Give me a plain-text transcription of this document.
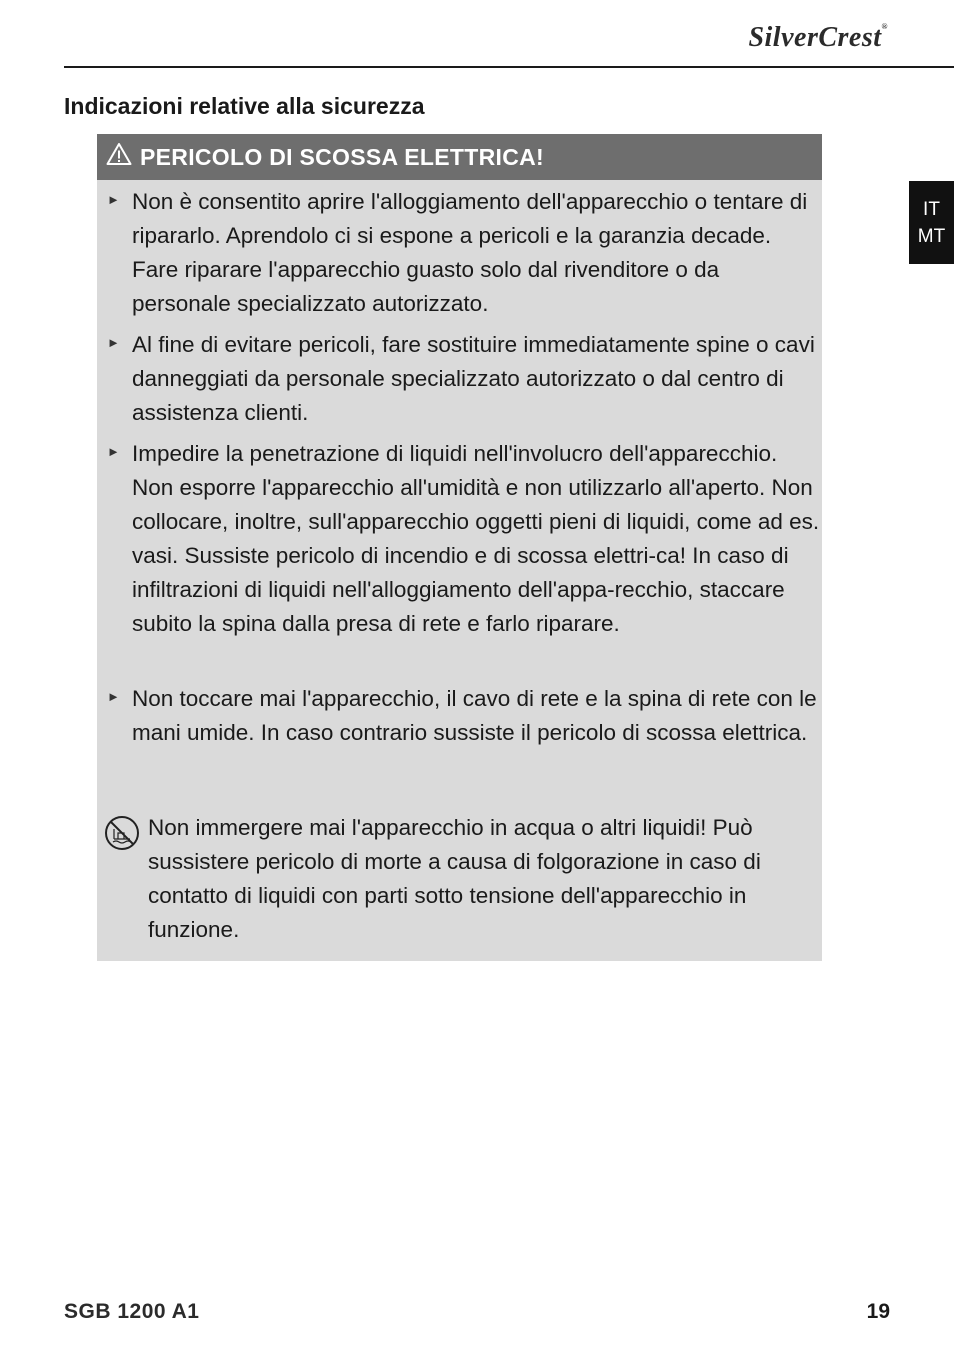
SilverCrest®
IT
MT
Indicazioni relative alla sicurezza
PERICOLO DI SCOSSA ELETTRICA!
► Non è consentito aprire l'alloggiamento dell'apparecchio o tentare di ripararlo. Aprendolo ci si espone a pericoli e la garanzia decade. Fare riparare l'apparecchio guasto solo dal rivenditore o da personale specializzato autorizzato.
► Al fine di evitare pericoli, fare sostituire immediatamente spine o cavi danneggiati da personale specializzato autorizzato o dal centro di assistenza clienti.
► Impedire la penetrazione di liquidi nell'involucro dell'apparecchio. Non esporre l'apparecchio all'umidità e non utilizzarlo all'aperto. Non collocare, inoltre, sull'apparecchio oggetti pieni di liquidi, come ad es. vasi. Sussiste pericolo di incendio e di scossa elettri-ca! In caso di infiltrazioni di liquidi nell'alloggiamento dell'appa-recchio, staccare subito la spina dalla presa di rete e farlo riparare.
► Non toccare mai l'apparecchio, il cavo di rete e la spina di rete con le mani umide. In caso contrario sussiste il pericolo di scossa elettrica.
Non immergere mai l'apparecchio in acqua o altri liquidi! Può sussistere pericolo di morte a causa di folgorazione in caso di contatto di liquidi con parti sotto tensione dell'apparecchio in funzione.
SGB 1200 A1	19
